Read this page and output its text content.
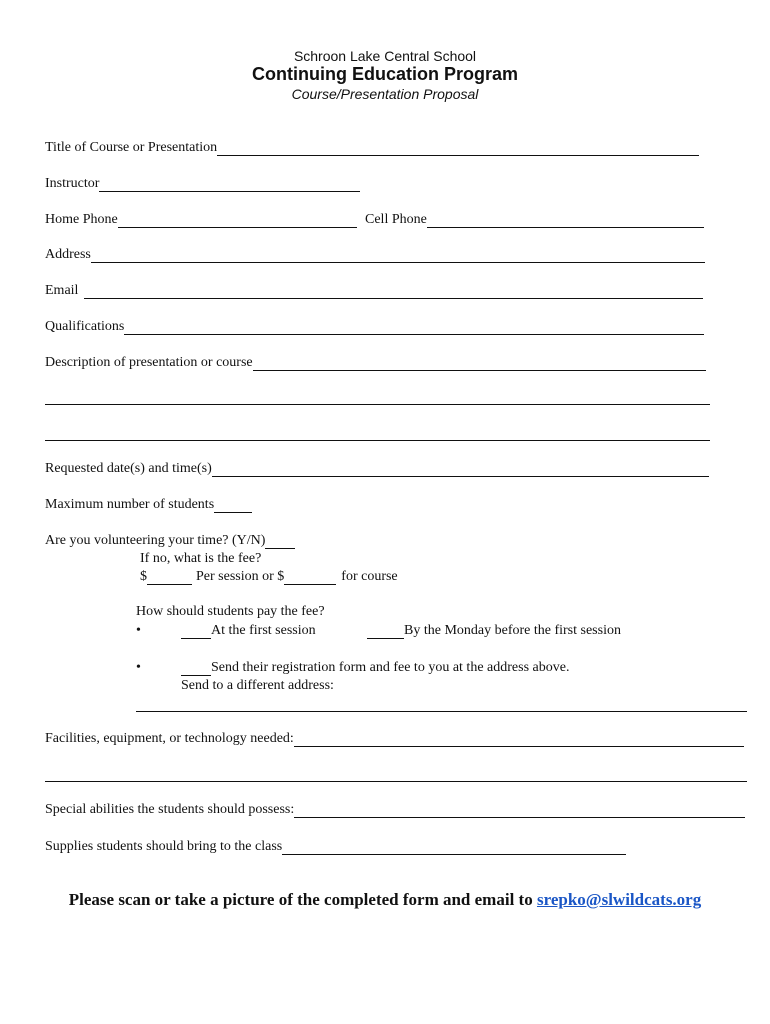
Schroon Lake Central School
Continuing Education Program
Course/Presentation Proposal
Title of Course or Presentation
Instructor
Home Phone	Cell Phone
Address
Email
Qualifications
Description of presentation or course
Requested date(s) and time(s)
Maximum number of students
Are you volunteering your time? (Y/N)
If no, what is the fee?
$	Per session or $	for course
How should students pay the fee?
•	At the first session	By the Monday before the first session
•	Send their registration form and fee to you at the address above.
Send to a different address:
Facilities, equipment, or technology needed:
Special abilities the students should possess:
Supplies students should bring to the class
Please scan or take a picture of the completed form and email to srepko@slwildcats.org
